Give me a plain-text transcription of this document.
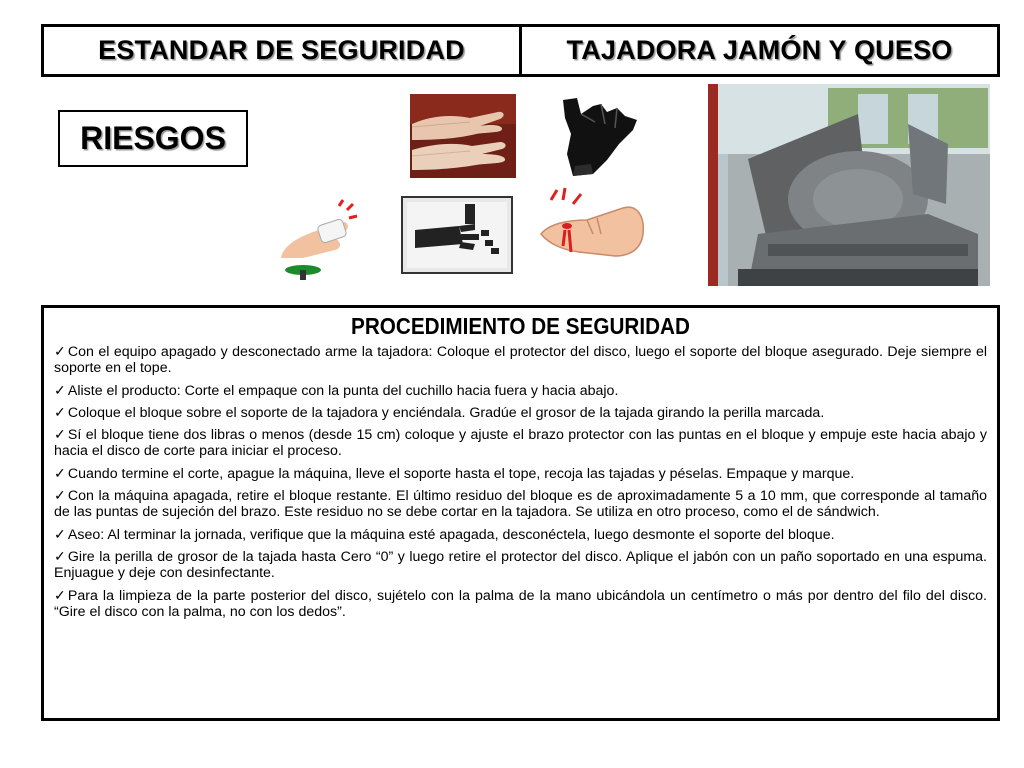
ESTANDAR DE SEGURIDAD	TAJADORA JAMÓN Y QUESO
RIESGOS
PROCEDIMIENTO DE SEGURIDAD
✓ Con el equipo apagado y desconectado arme la tajadora: Coloque el protector del disco, luego el soporte del bloque asegurado. Deje siempre el soporte en el tope.
✓ Aliste el producto: Corte el empaque con la punta del cuchillo hacia fuera y hacia abajo.
✓ Coloque el bloque sobre el soporte de la tajadora y enciéndala. Gradúe el grosor de la tajada girando la perilla marcada.
✓ Sí el bloque tiene dos libras o menos (desde 15 cm) coloque y ajuste el brazo protector con las puntas en el bloque y empuje este hacia abajo y hacia el disco de corte para iniciar el proceso.
✓ Cuando termine el corte, apague la máquina, lleve el soporte hasta el tope, recoja las tajadas y péselas. Empaque y marque.
✓ Con la máquina apagada, retire el bloque restante. El último residuo del bloque es de aproximadamente 5 a 10 mm, que corresponde al tamaño de las puntas de sujeción del brazo. Este residuo no se debe cortar en la tajadora. Se utiliza en otro proceso, como el de sándwich.
✓ Aseo: Al terminar la jornada, verifique que la máquina esté apagada, desconéctela, luego desmonte el soporte del bloque.
✓ Gire la perilla de grosor de la tajada hasta Cero “0” y luego retire el protector del disco. Aplique el jabón con un paño soportado en una espuma. Enjuague y deje con desinfectante.
✓ Para la limpieza de la parte posterior del disco, sujételo con la palma de la mano ubicándola un centímetro o más por dentro del filo del disco. “Gire el disco con la palma, no con los dedos”.
